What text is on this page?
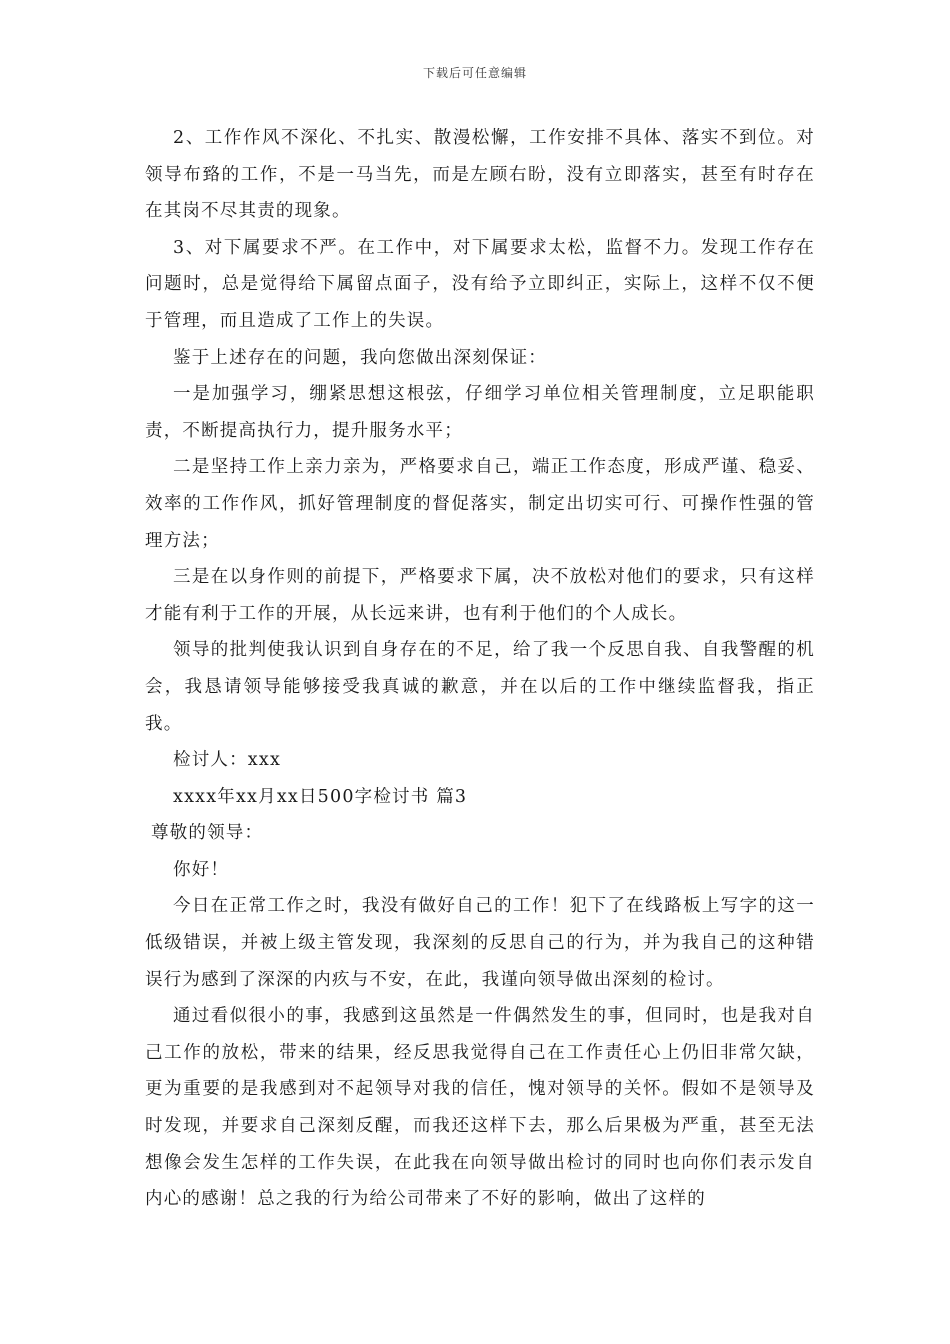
下载后可任意编辑

2、工作作风不深化、不扎实、散漫松懈，工作安排不具体、落实不到位。对领导布臵的工作，不是一马当先，而是左顾右盼，没有立即落实，甚至有时存在在其岗不尽其责的现象。

3、对下属要求不严。在工作中，对下属要求太松，监督不力。发现工作存在问题时，总是觉得给下属留点面子，没有给予立即纠正，实际上，这样不仅不便于管理，而且造成了工作上的失误。

鉴于上述存在的问题，我向您做出深刻保证：

一是加强学习，绷紧思想这根弦，仔细学习单位相关管理制度，立足职能职责，不断提高执行力，提升服务水平；

二是坚持工作上亲力亲为，严格要求自己，端正工作态度，形成严谨、稳妥、效率的工作作风，抓好管理制度的督促落实，制定出切实可行、可操作性强的管理方法；

三是在以身作则的前提下，严格要求下属，决不放松对他们的要求，只有这样才能有利于工作的开展，从长远来讲，也有利于他们的个人成长。

领导的批判使我认识到自身存在的不足，给了我一个反思自我、自我警醒的机会，我恳请领导能够接受我真诚的歉意，并在以后的工作中继续监督我，指正我。

检讨人：xxx

xxxx年xx月xx日500字检讨书 篇3

尊敬的领导：

你好！

今日在正常工作之时，我没有做好自己的工作！犯下了在线路板上写字的这一低级错误，并被上级主管发现，我深刻的反思自己的行为，并为我自己的这种错误行为感到了深深的内疚与不安，在此，我谨向领导做出深刻的检讨。

通过看似很小的事，我感到这虽然是一件偶然发生的事，但同时，也是我对自己工作的放松，带来的结果，经反思我觉得自己在工作责任心上仍旧非常欠缺，更为重要的是我感到对不起领导对我的信任，愧对领导的关怀。假如不是领导及时发现，并要求自己深刻反醒，而我还这样下去，那么后果极为严重，甚至无法想像会发生怎样的工作失误，在此我在向领导做出检讨的同时也向你们表示发自内心的感谢！总之我的行为给公司带来了不好的影响，做出了这样的
